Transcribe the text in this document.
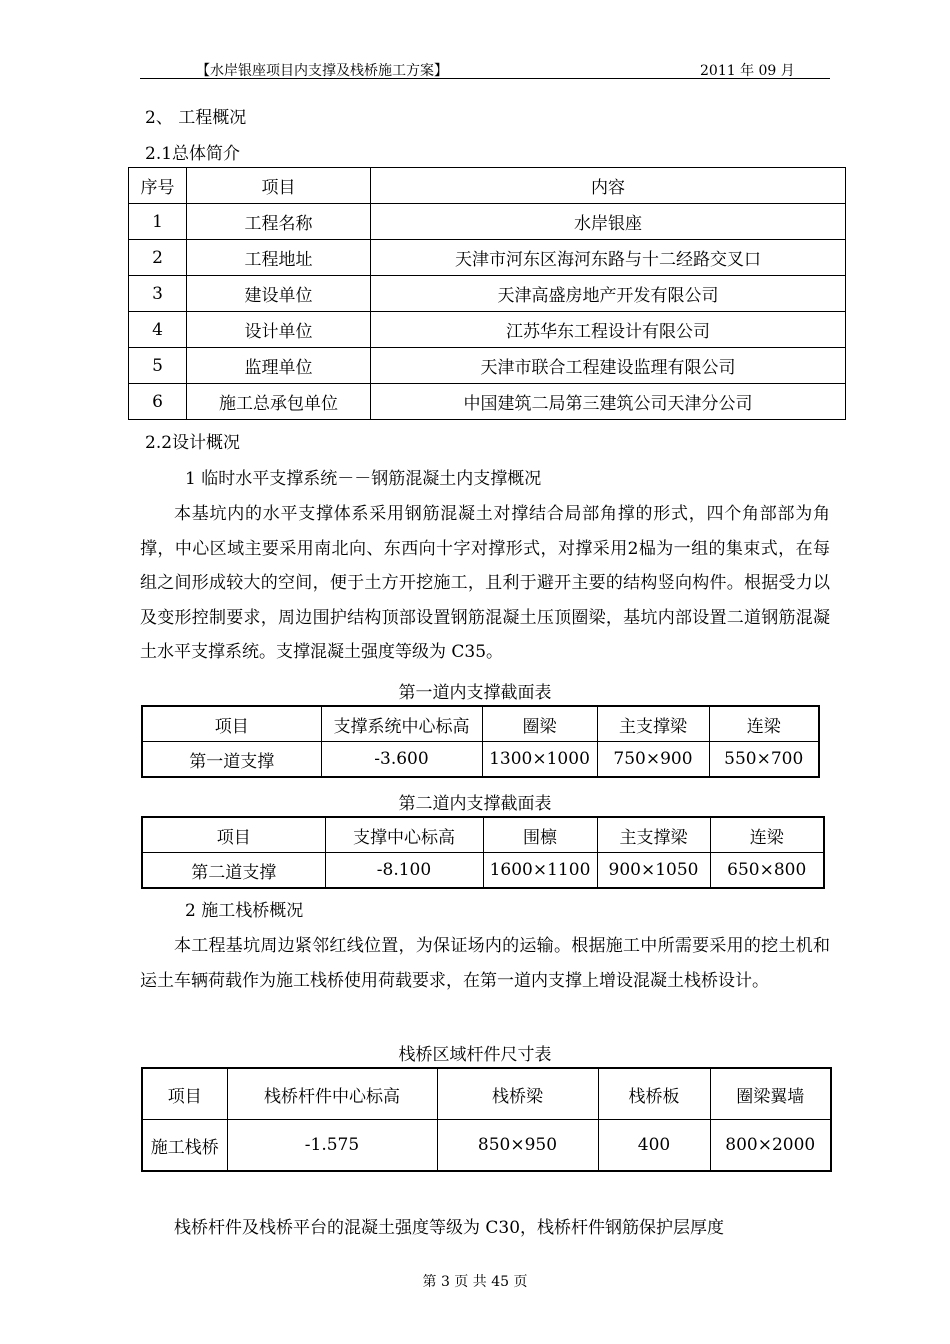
【水岸银座项目内支撑及栈桥施工方案】	2011 年 09 月
2、 工程概况
2.1总体简介
序号	项目	内容
1	工程名称	水岸银座
2	工程地址	天津市河东区海河东路与十二经路交叉口
3	建设单位	天津高盛房地产开发有限公司
4	设计单位	江苏华东工程设计有限公司
5	监理单位	天津市联合工程建设监理有限公司
6	施工总承包单位	中国建筑二局第三建筑公司天津分公司
2.2设计概况
1 临时水平支撑系统－－钢筋混凝土内支撑概况
本基坑内的水平支撑体系采用钢筋混凝土对撑结合局部角撑的形式，四个角部部为角撑，中心区域主要采用南北向、东西向十字对撑形式，对撑采用2榀为一组的集束式，在每组之间形成较大的空间，便于土方开挖施工，且利于避开主要的结构竖向构件。根据受力以及变形控制要求，周边围护结构顶部设置钢筋混凝土压顶圈梁，基坑内部设置二道钢筋混凝土水平支撑系统。支撑混凝土强度等级为 C35。
第一道内支撑截面表
项目	支撑系统中心标高	圈梁	主支撑梁	连梁
第一道支撑	-3.600	1300×1000	750×900	550×700
第二道内支撑截面表
项目	支撑中心标高	围檩	主支撑梁	连梁
第二道支撑	-8.100	1600×1100	900×1050	650×800
2 施工栈桥概况
本工程基坑周边紧邻红线位置，为保证场内的运输。根据施工中所需要采用的挖土机和运土车辆荷载作为施工栈桥使用荷载要求，在第一道内支撑上增设混凝土栈桥设计。
栈桥区域杆件尺寸表
项目	栈桥杆件中心标高	栈桥梁	栈桥板	圈梁翼墙
施工栈桥	-1.575	850×950	400	800×2000
栈桥杆件及栈桥平台的混凝土强度等级为 C30，栈桥杆件钢筋保护层厚度
第 3 页 共 45 页
